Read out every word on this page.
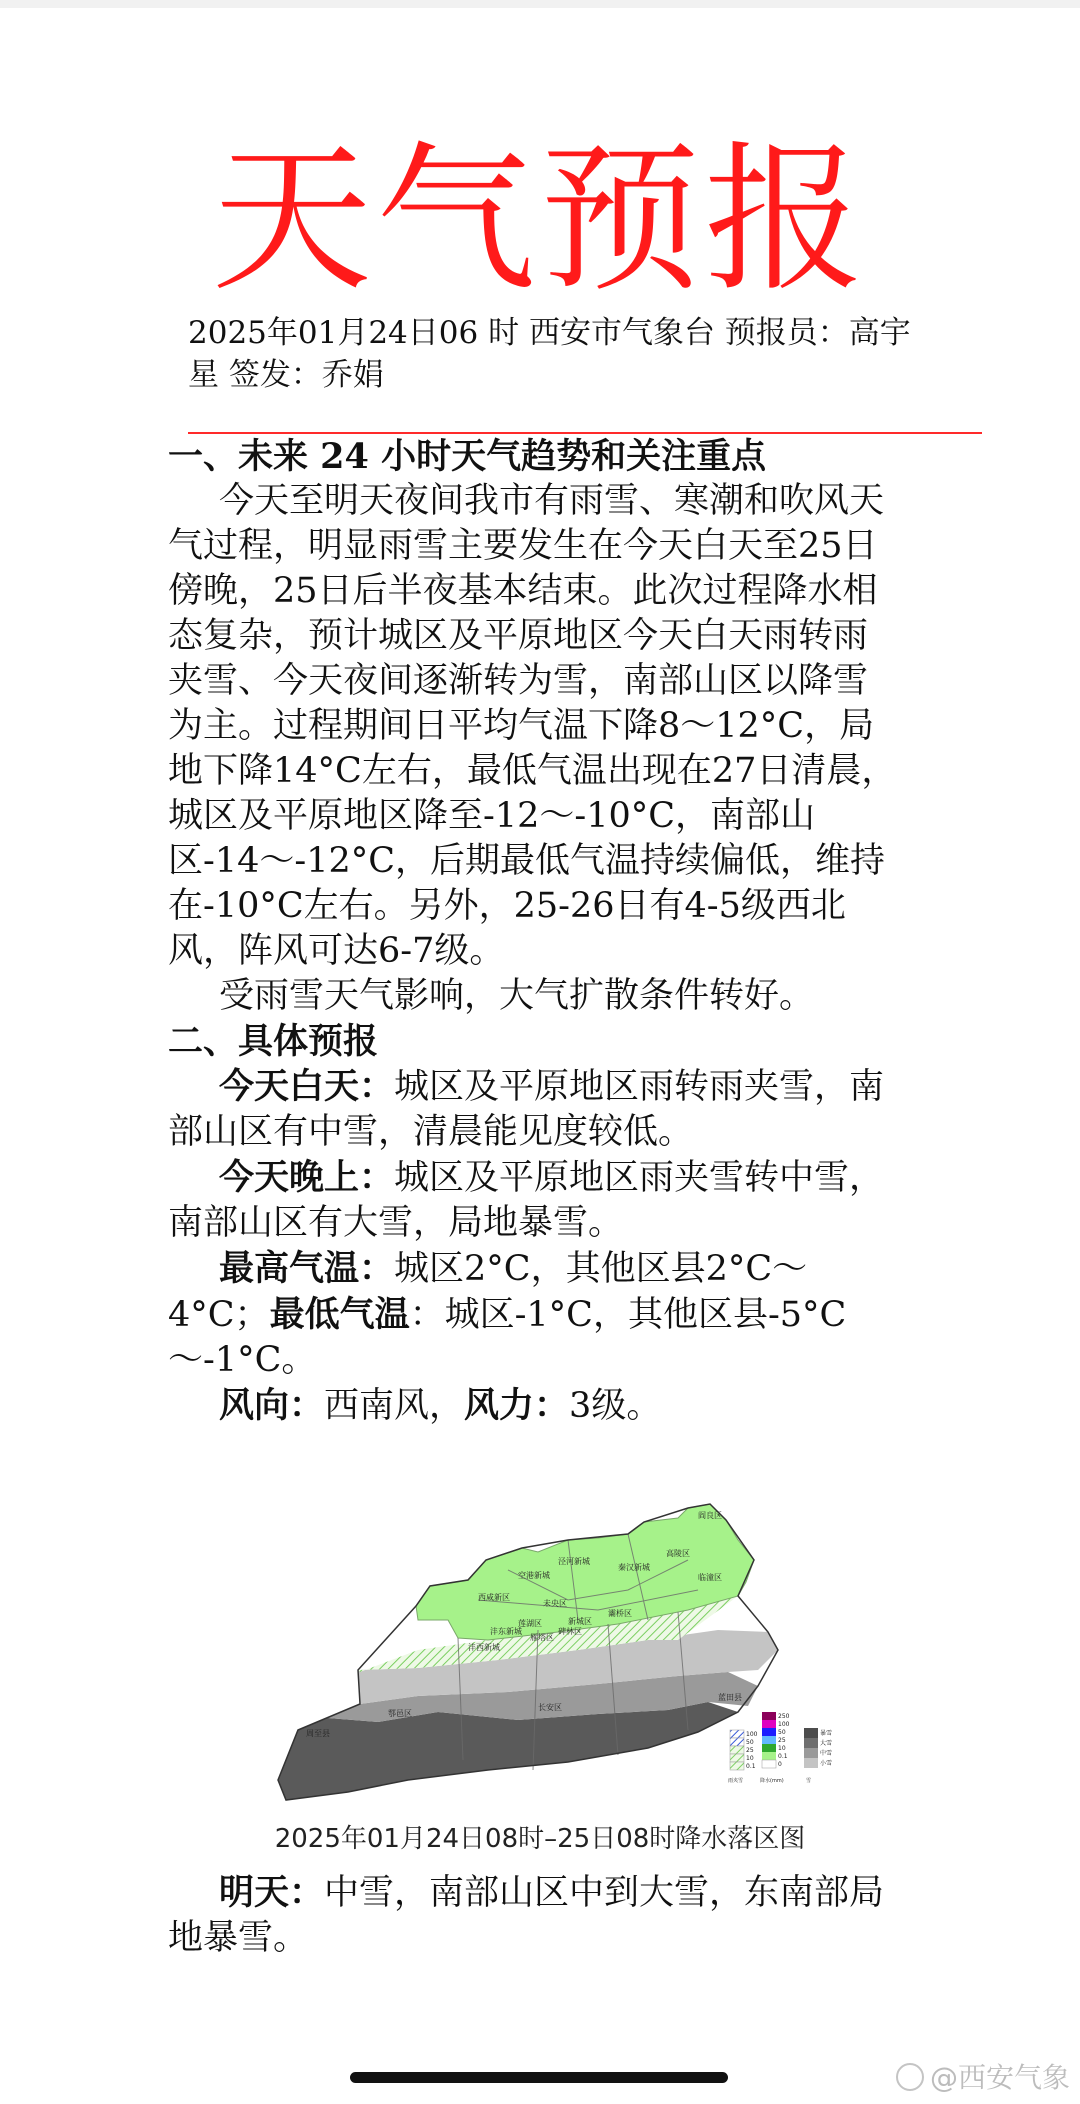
天气预报
2025年01月24日06 时 西安市气象台 预报员：高宇星 签发：乔娟

一、未来 24 小时天气趋势和关注重点

今天至明天夜间我市有雨雪、寒潮和吹风天气过程，明显雨雪主要发生在今天白天至25日傍晚，25日后半夜基本结束。此次过程降水相态复杂，预计城区及平原地区今天白天雨转雨夹雪、今天夜间逐渐转为雪，南部山区以降雪为主。过程期间日平均气温下降8～12°C，局地下降14°C左右，最低气温出现在27日清晨，城区及平原地区降至-12～-10°C，南部山区-14～-12°C，后期最低气温持续偏低，维持在-10°C左右。另外，25-26日有4-5级西北风，阵风可达6-7级。

受雨雪天气影响，大气扩散条件转好。

二、具体预报

今天白天：城区及平原地区雨转雨夹雪，南部山区有中雪，清晨能见度较低。

今天晚上：城区及平原地区雨夹雪转中雪，南部山区有大雪，局地暴雪。

最高气温：城区2°C，其他区县2°C～4°C；最低气温：城区-1°C，其他区县-5°C～-1°C。

风向：西南风，风力：3级。

阎良区
临潼区
高陵区
周至县
鄠邑区
未央区
灞桥区
长安区
蓝田县
西咸新区
雁塔区
莲湖区	新城区
碑林区
沣东新城
秦汉新城
泾河新城
空港新城
沣西新城
100
50
25
10
0.1
雨夹雪
250
100
50
25
10
0.1
0
降水(mm)
暴雪
大雪
中雪
小雪
雪
2025年01月24日08时–25日08时降水落区图

明天：中雪，南部山区中到大雪，东南部局地暴雪。

@西安气象
